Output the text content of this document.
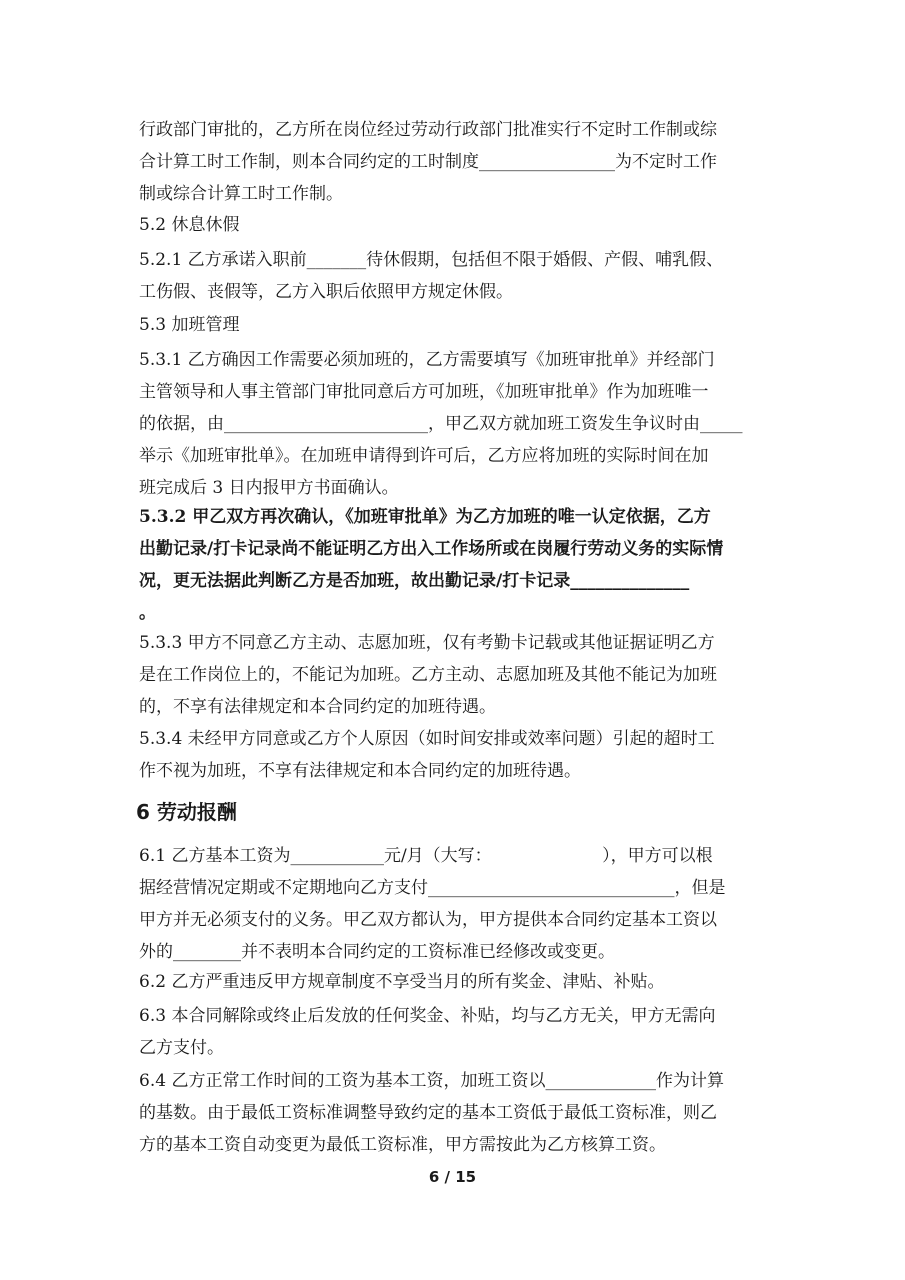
行政部门审批的，乙方所在岗位经过劳动行政部门批准实行不定时工作制或综
合计算工时工作制，则本合同约定的工时制度________________为不定时工作
制或综合计算工时工作制。
5.2 休息休假
5.2.1 乙方承诺入职前_______待休假期，包括但不限于婚假、产假、哺乳假、
工伤假、丧假等，乙方入职后依照甲方规定休假。
5.3 加班管理
5.3.1 乙方确因工作需要必须加班的，乙方需要填写《加班审批单》并经部门
主管领导和人事主管部门审批同意后方可加班，《加班审批单》作为加班唯一
的依据，由________________________，甲乙双方就加班工资发生争议时由_____
举示《加班审批单》。在加班申请得到许可后，乙方应将加班的实际时间在加
班完成后 3 日内报甲方书面确认。
5.3.2 甲乙双方再次确认，《加班审批单》为乙方加班的唯一认定依据，乙方
出勤记录/打卡记录尚不能证明乙方出入工作场所或在岗履行劳动义务的实际情
况，更无法据此判断乙方是否加班，故出勤记录/打卡记录______________
。
5.3.3 甲方不同意乙方主动、志愿加班，仅有考勤卡记载或其他证据证明乙方
是在工作岗位上的，不能记为加班。乙方主动、志愿加班及其他不能记为加班
的，不享有法律规定和本合同约定的加班待遇。
5.3.4 未经甲方同意或乙方个人原因（如时间安排或效率问题）引起的超时工
作不视为加班，不享有法律规定和本合同约定的加班待遇。
6 劳动报酬
6.1 乙方基本工资为___________元/月（大写：　　　　　　　），甲方可以根
据经营情况定期或不定期地向乙方支付_____________________________，但是
甲方并无必须支付的义务。甲乙双方都认为，甲方提供本合同约定基本工资以
外的________并不表明本合同约定的工资标准已经修改或变更。
6.2 乙方严重违反甲方规章制度不享受当月的所有奖金、津贴、补贴。
6.3 本合同解除或终止后发放的任何奖金、补贴，均与乙方无关，甲方无需向
乙方支付。
6.4 乙方正常工作时间的工资为基本工资，加班工资以_____________作为计算
的基数。由于最低工资标准调整导致约定的基本工资低于最低工资标准，则乙
方的基本工资自动变更为最低工资标准，甲方需按此为乙方核算工资。
6 / 15
